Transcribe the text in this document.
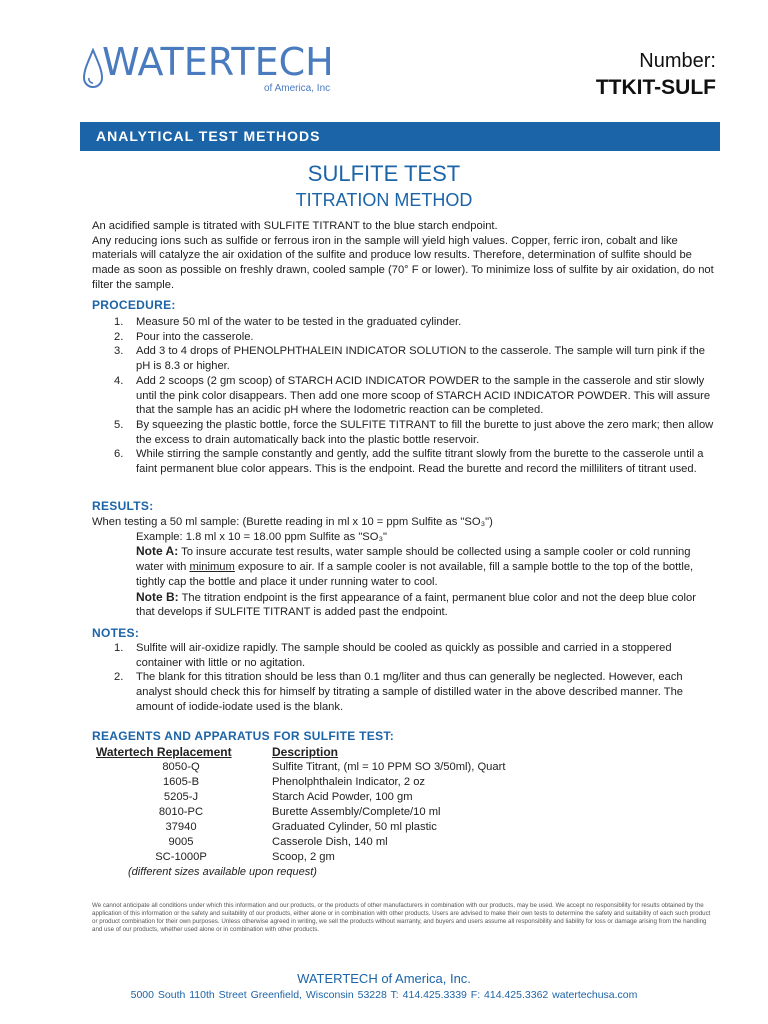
WATERTECH
of America, Inc
Number:
TTKIT-SULF
ANALYTICAL TEST METHODS
SULFITE TEST
TITRATION METHOD
An acidified sample is titrated with SULFITE TITRANT to the blue starch endpoint.
Any reducing ions such as sulfide or ferrous iron in the sample will yield high values. Copper, ferric iron, cobalt and like materials will catalyze the air oxidation of the sulfite and produce low results. Therefore, determination of sulfite should be made as soon as possible on freshly drawn, cooled sample (70° F or lower). To minimize loss of sulfite by air oxidation, do not filter the sample.
PROCEDURE:
1. Measure 50 ml of the water to be tested in the graduated cylinder.
2. Pour into the casserole.
3. Add 3 to 4 drops of PHENOLPHTHALEIN INDICATOR SOLUTION to the casserole. The sample will turn pink if the pH is 8.3 or higher.
4. Add 2 scoops (2 gm scoop) of STARCH ACID INDICATOR POWDER to the sample in the casserole and stir slowly until the pink color disappears. Then add one more scoop of STARCH ACID INDICATOR POWDER. This will assure that the sample has an acidic pH where the Iodometric reaction can be completed.
5. By squeezing the plastic bottle, force the SULFITE TITRANT to fill the burette to just above the zero mark; then allow the excess to drain automatically back into the plastic bottle reservoir.
6. While stirring the sample constantly and gently, add the sulfite titrant slowly from the burette to the casserole until a faint permanent blue color appears. This is the endpoint. Read the burette and record the milliliters of titrant used.
RESULTS:
When testing a 50 ml sample: (Burette reading in ml x 10 = ppm Sulfite as "SO₃")
Example: 1.8 ml x 10 = 18.00 ppm Sulfite as "SO₃"
Note A: To insure accurate test results, water sample should be collected using a sample cooler or cold running water with minimum exposure to air. If a sample cooler is not available, fill a sample bottle to the top of the bottle, tightly cap the bottle and place it under running water to cool.
Note B: The titration endpoint is the first appearance of a faint, permanent blue color and not the deep blue color that develops if SULFITE TITRANT is added past the endpoint.
NOTES:
1. Sulfite will air-oxidize rapidly. The sample should be cooled as quickly as possible and carried in a stoppered container with little or no agitation.
2. The blank for this titration should be less than 0.1 mg/liter and thus can generally be neglected. However, each analyst should check this for himself by titrating a sample of distilled water in the above described manner. The amount of iodide-iodate used is the blank.
REAGENTS AND APPARATUS FOR SULFITE TEST:
Watertech Replacement	Description
8050-Q	Sulfite Titrant, (ml = 10 PPM SO 3/50ml), Quart
1605-B	Phenolphthalein Indicator, 2 oz
5205-J	Starch Acid Powder, 100 gm
8010-PC	Burette Assembly/Complete/10 ml
37940	Graduated Cylinder, 50 ml plastic
9005	Casserole Dish, 140 ml
SC-1000P	Scoop, 2 gm
(different sizes available upon request)
We cannot anticipate all conditions under which this information and our products, or the products of other manufacturers in combination with our products, may be used. We accept no responsibility for results obtained by the application of this information or the safety and suitability of our products, either alone or in combination with other products. Users are advised to make their own tests to determine the safety and suitability of each such product or product combination for their own purposes. Unless otherwise agreed in writing, we sell the products without warranty, and buyers and users assume all responsibility and liability for loss or damage arising from the handling and use of our products, whether used alone or in combination with other products.
WATERTECH of America, Inc.
5000 South 110th Street Greenfield, Wisconsin 53228 T: 414.425.3339 F: 414.425.3362 watertechusa.com
